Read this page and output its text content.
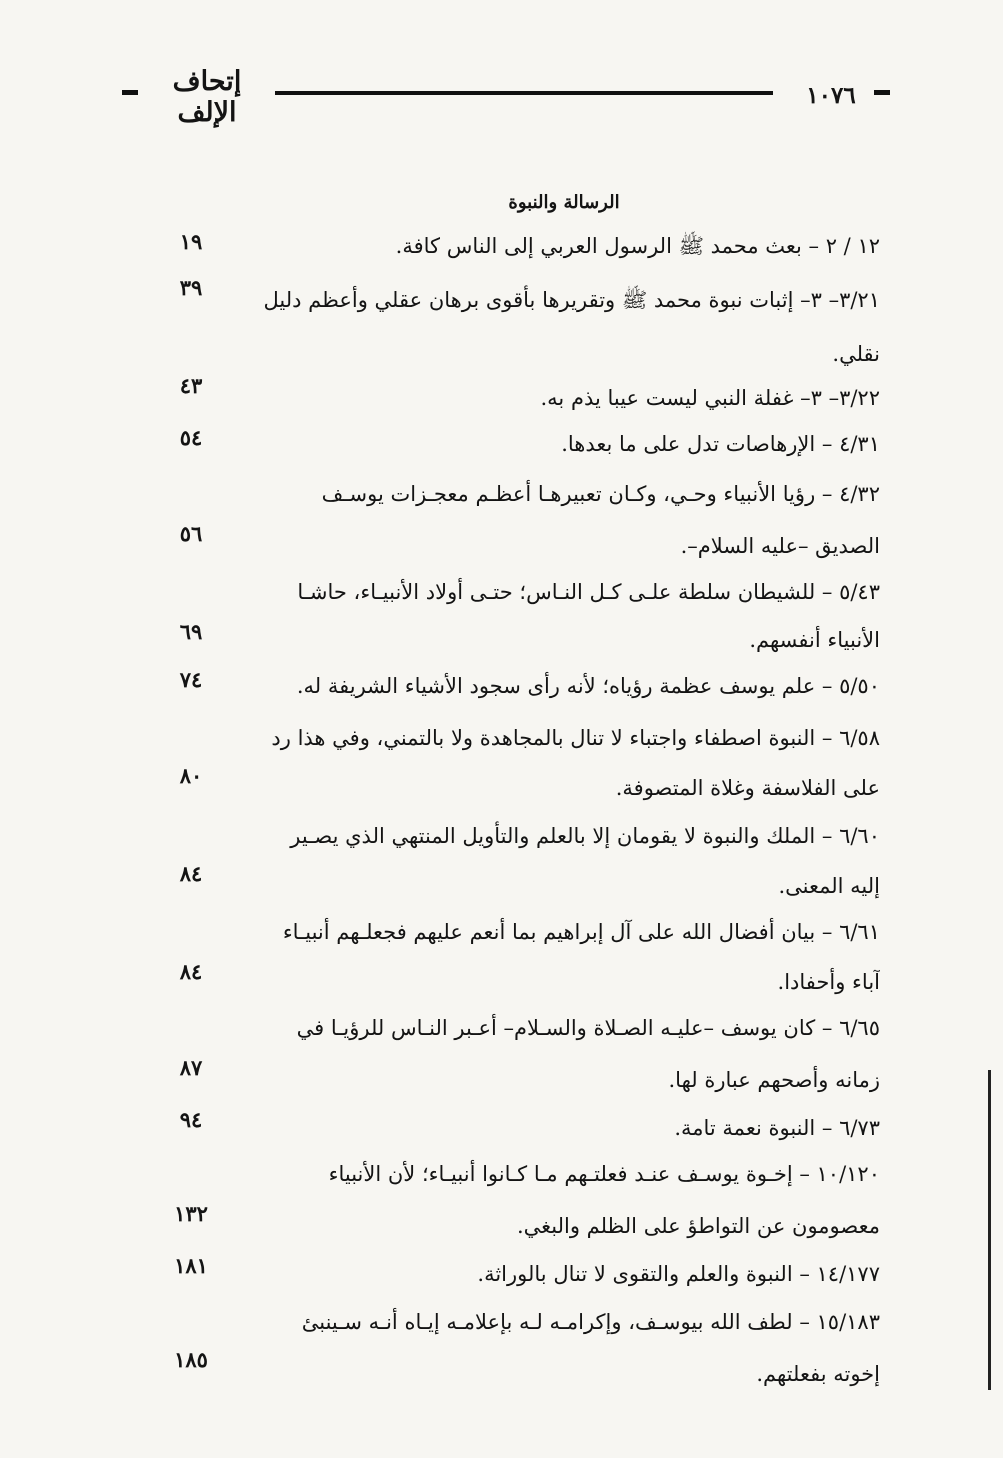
إتحاف الإلف
١٠٧٦
الرسالة والنبوة
١٢ / ٢ – بعث محمد ﷺ الرسول العربي إلى الناس كافة.
١٩
٣/٢١– ٣– إثبات نبوة محمد ﷺ وتقريرها بأقوى برهان عقلي وأعظم دليل
نقلي.
٣٩
٣/٢٢– ٣– غفلة النبي ليست عيبا يذم به.
٤٣
٤/٣١ – الإرهاصات تدل على ما بعدها.
٥٤
٤/٣٢ – رؤيا الأنبياء وحـي، وكـان تعبيرهـا أعظـم معجـزات يوسـف
الصديق –عليه السلام–.
٥٦
٥/٤٣ – للشيطان سلطة علـى كـل النـاس؛ حتـى أولاد الأنبيـاء، حاشـا
الأنبياء أنفسهم.
٦٩
٥/٥٠ – علم يوسف عظمة رؤياه؛ لأنه رأى سجود الأشياء الشريفة له.
٧٤
٦/٥٨ – النبوة اصطفاء واجتباء لا تنال بالمجاهدة ولا بالتمني، وفي هذا رد
على الفلاسفة وغلاة المتصوفة.
٨٠
٦/٦٠ – الملك والنبوة لا يقومان إلا بالعلم والتأويل المنتهي الذي يصـير
إليه المعنى.
٨٤
٦/٦١ – بيان أفضال الله على آل إبراهيم بما أنعم عليهم فجعلـهم أنبيـاء
آباء وأحفادا.
٨٤
٦/٦٥ – كان يوسف –عليـه الصـلاة والسـلام– أعـبر النـاس للرؤيـا في
زمانه وأصحهم عبارة لها.
٨٧
٦/٧٣ – النبوة نعمة تامة.
٩٤
١٠/١٢٠ – إخـوة يوسـف عنـد فعلتـهم مـا كـانوا أنبيـاء؛ لأن الأنبياء
معصومون عن التواطؤ على الظلم والبغي.
١٣٢
١٤/١٧٧ – النبوة والعلم والتقوى لا تنال بالوراثة.
١٨١
١٥/١٨٣ – لطف الله بيوسـف، وإكرامـه لـه بإعلامـه إيـاه أنـه سـينبئ
إخوته بفعلتهم.
١٨٥
